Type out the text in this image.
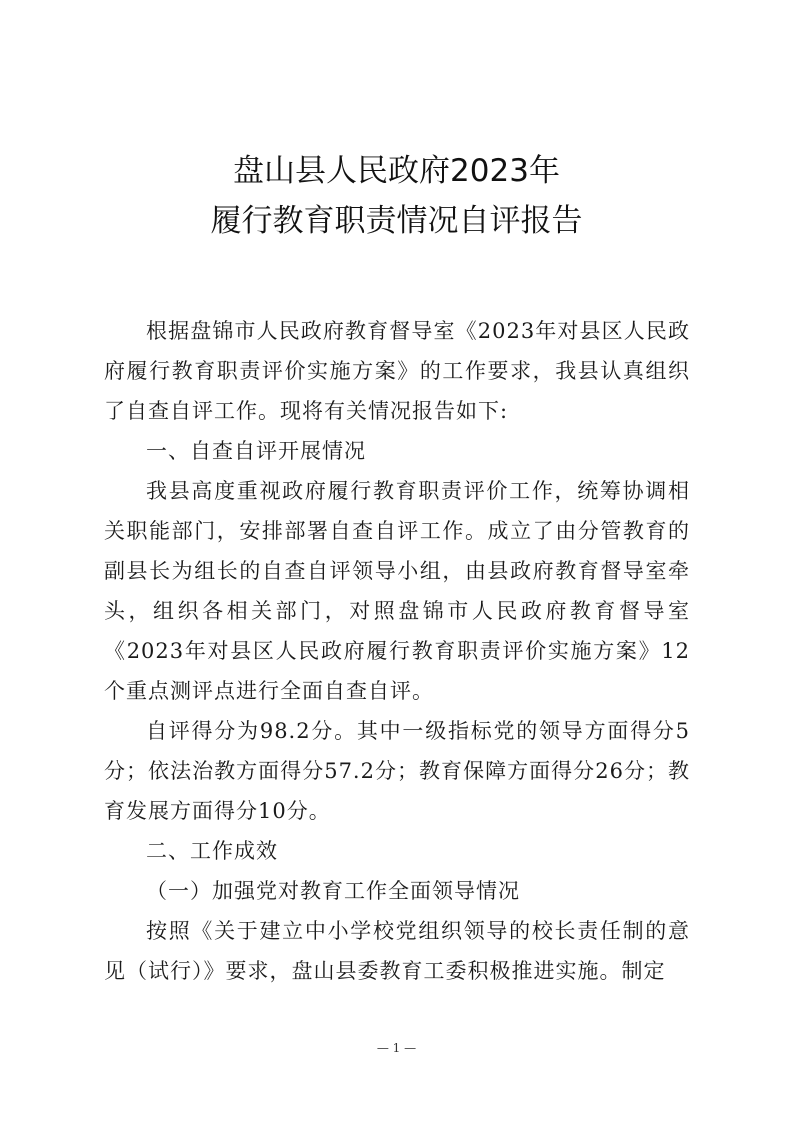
盘山县人民政府2023年
履行教育职责情况自评报告

根据盘锦市人民政府教育督导室《2023年对县区人民政府履行教育职责评价实施方案》的工作要求，我县认真组织了自查自评工作。现将有关情况报告如下:

一、自查自评开展情况

我县高度重视政府履行教育职责评价工作，统筹协调相关职能部门，安排部署自查自评工作。成立了由分管教育的副县长为组长的自查自评领导小组，由县政府教育督导室牵头，组织各相关部门，对照盘锦市人民政府教育督导室《2023年对县区人民政府履行教育职责评价实施方案》12个重点测评点进行全面自查自评。

自评得分为98.2分。其中一级指标党的领导方面得分5分；依法治教方面得分57.2分；教育保障方面得分26分；教育发展方面得分10分。

二、工作成效

（一）加强党对教育工作全面领导情况

按照《关于建立中小学校党组织领导的校长责任制的意见（试行）》要求，盘山县委教育工委积极推进实施。制定

— 1 —
